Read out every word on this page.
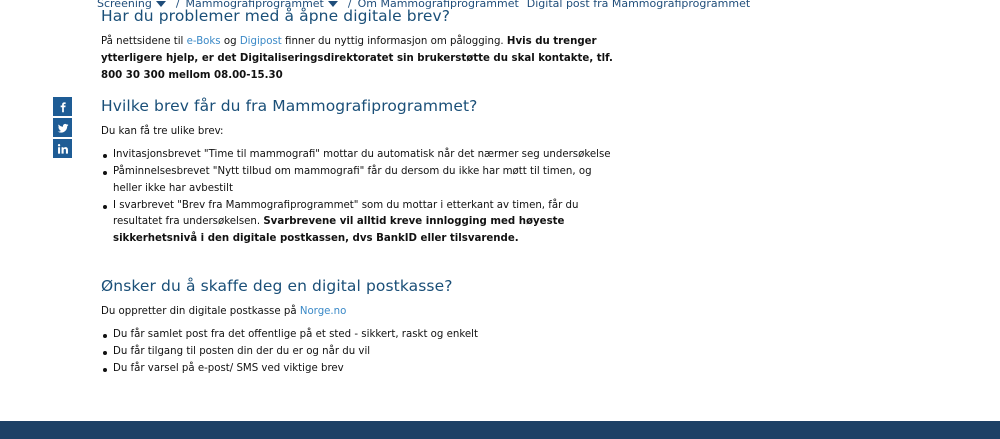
Screening / Mammografiprogrammet / Om Mammografiprogrammet Digital post fra Mammografiprogrammet
Har du problemer med å åpne digitale brev?

På nettsidene til e-Boks og Digipost finner du nyttig informasjon om pålogging. Hvis du trenger ytterligere hjelp, er det Digitaliseringsdirektoratet sin brukerstøtte du skal kontakte, tlf. 800 30 300 mellom 08.00-15.30

Hvilke brev får du fra Mammografiprogrammet?

Du kan få tre ulike brev:

Invitasjonsbrevet "Time til mammografi" mottar du automatisk når det nærmer seg undersøkelse
Påminnelsesbrevet "Nytt tilbud om mammografi" får du dersom du ikke har møtt til timen, og heller ikke har avbestilt
I svarbrevet "Brev fra Mammografiprogrammet" som du mottar i etterkant av timen, får du resultatet fra undersøkelsen. Svarbrevene vil alltid kreve innlogging med høyeste sikkerhetsnivå i den digitale postkassen, dvs BankID eller tilsvarende.
Ønsker du å skaffe deg en digital postkasse?

Du oppretter din digitale postkasse på Norge.no

Du får samlet post fra det offentlige på et sted - sikkert, raskt og enkelt
Du får tilgang til posten din der du er og når du vil
Du får varsel på e-post/ SMS ved viktige brev
